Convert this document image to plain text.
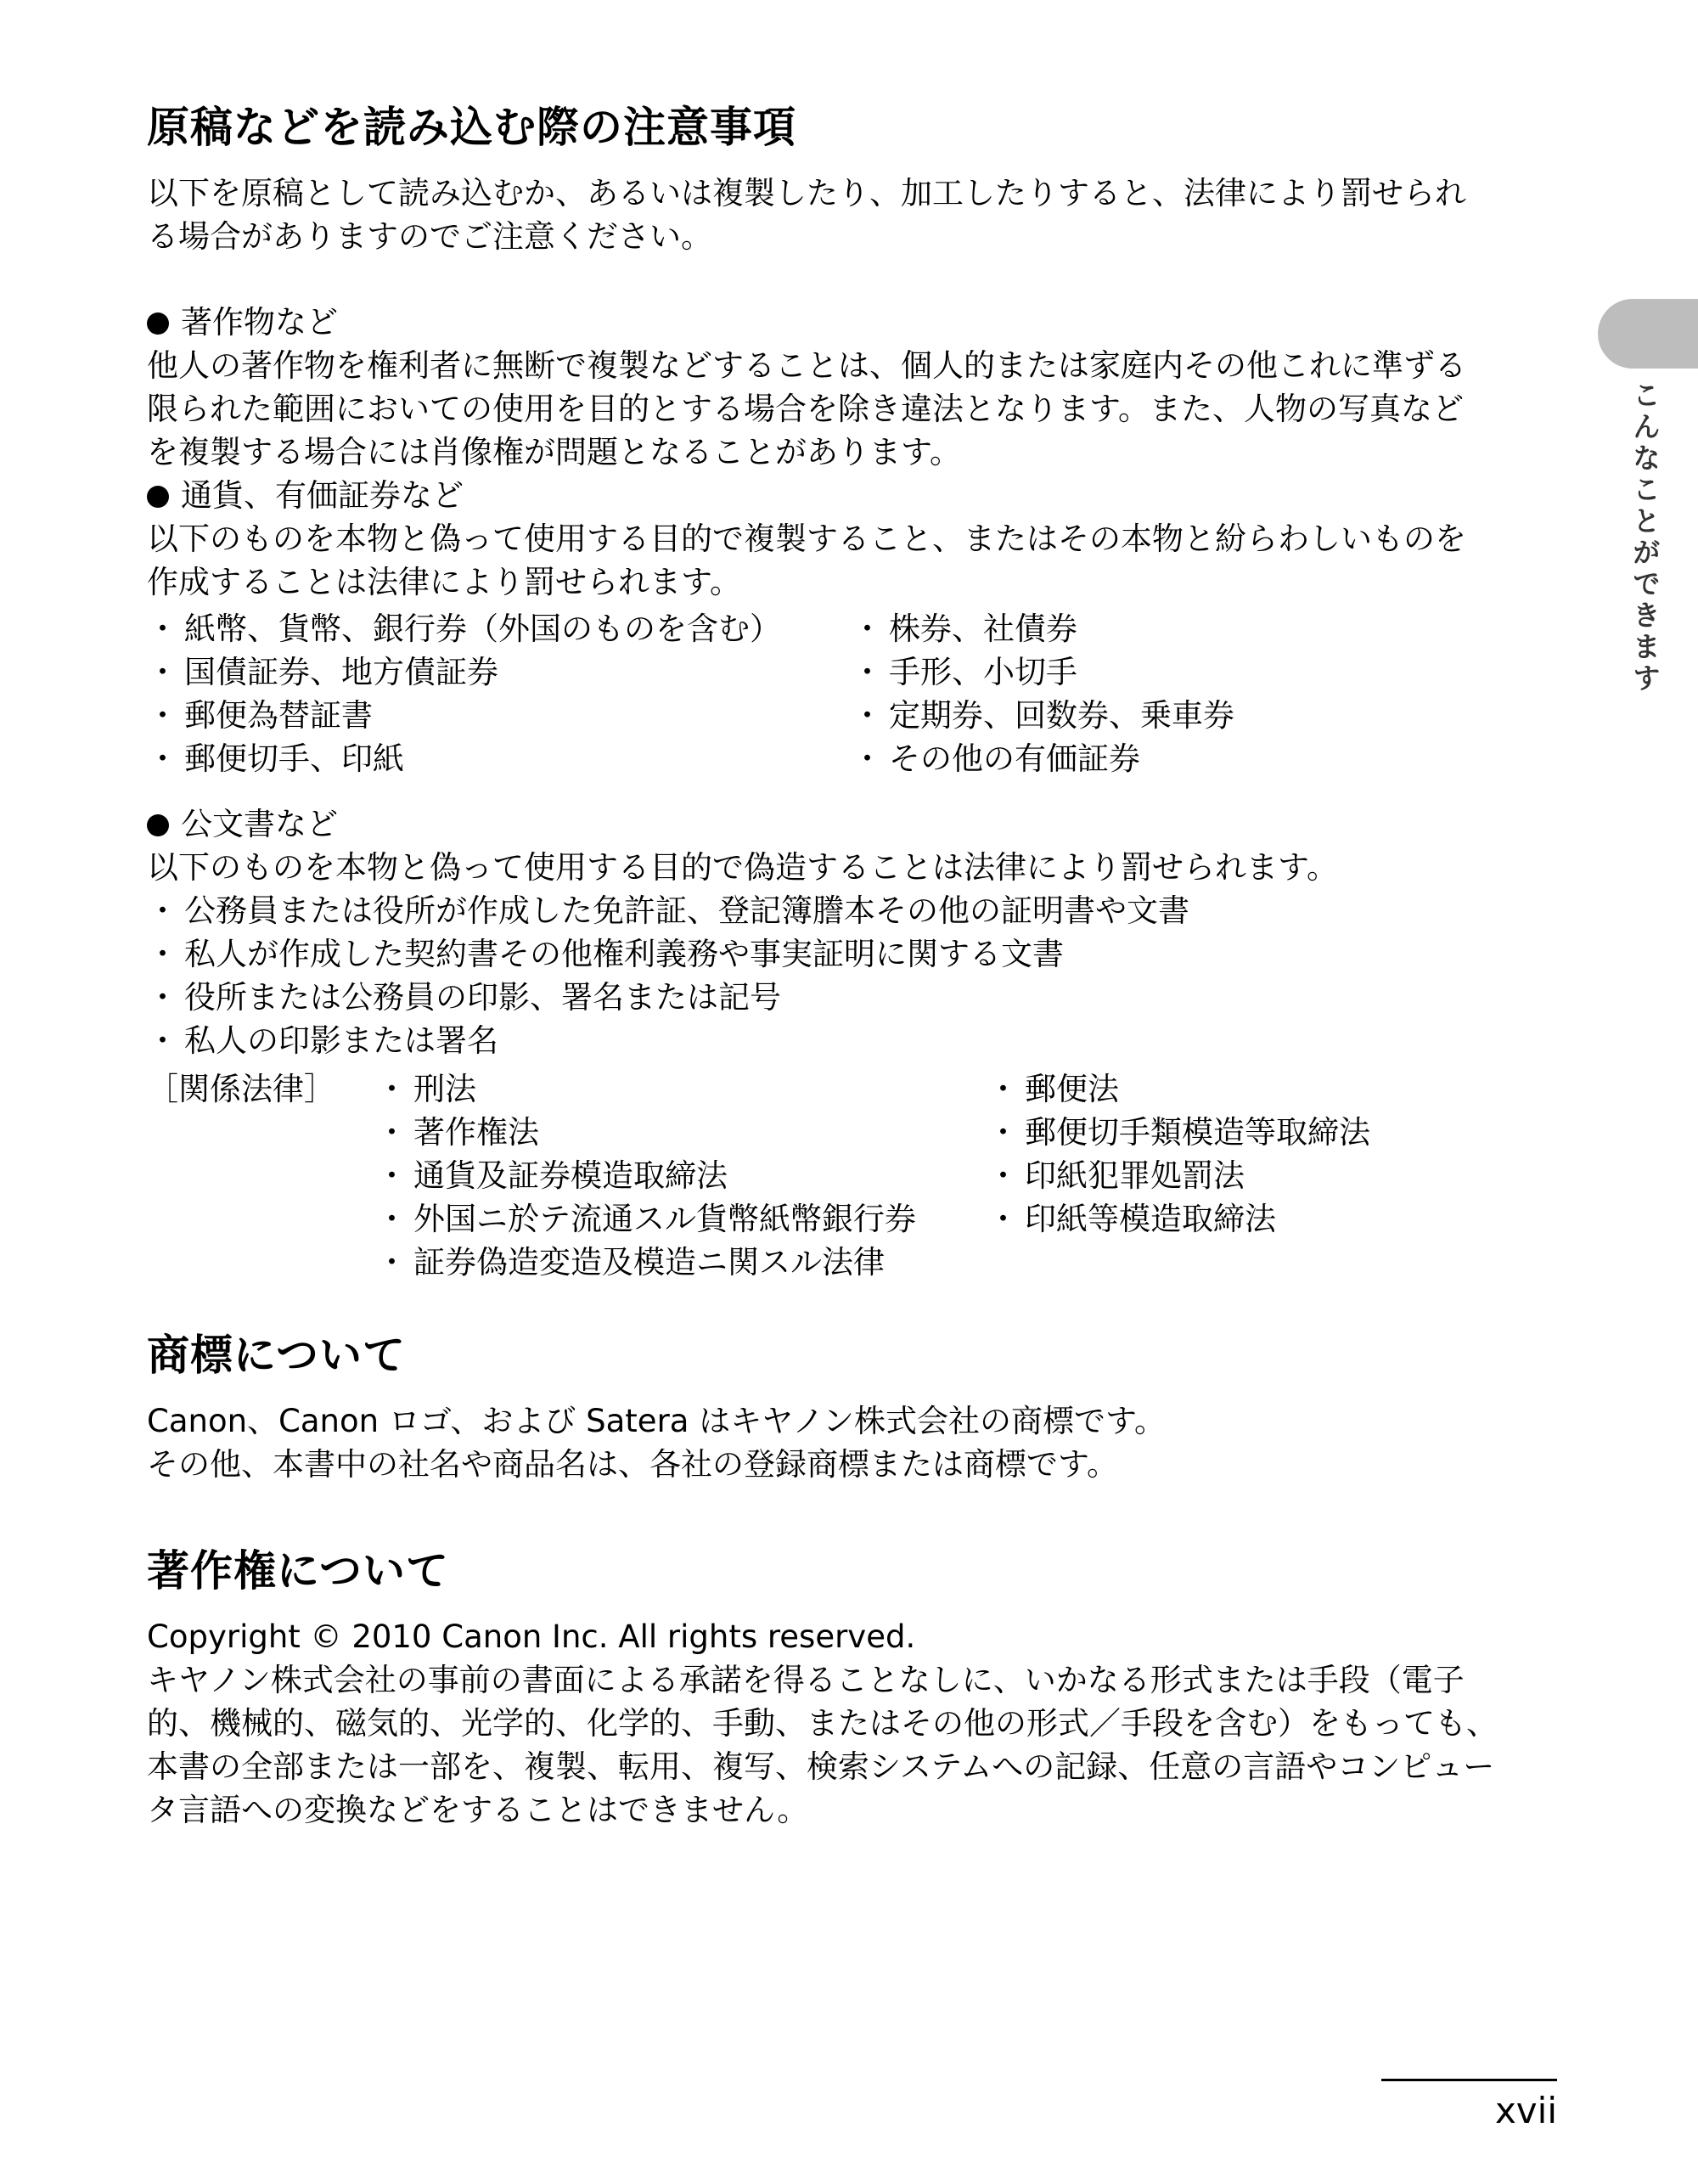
こんなことができます
原稿などを読み込む際の注意事項

以下を原稿として読み込むか、あるいは複製したり、加工したりすると、法律により罰せられ

る場合がありますのでご注意ください。

著作物など

他人の著作物を権利者に無断で複製などすることは、個人的または家庭内その他これに準ずる

限られた範囲においての使用を目的とする場合を除き違法となります。また、人物の写真など

を複製する場合には肖像権が問題となることがあります。

通貨、有価証券など

以下のものを本物と偽って使用する目的で複製すること、またはその本物と紛らわしいものを

作成することは法律により罰せられます。

・ 紙幣、貨幣、銀行券（外国のものを含む）
・ 国債証券、地方債証券
・ 郵便為替証書
・ 郵便切手、印紙
・ 株券、社債券
・ 手形、小切手
・ 定期券、回数券、乗車券
・ その他の有価証券

公文書など

以下のものを本物と偽って使用する目的で偽造することは法律により罰せられます。

・ 公務員または役所が作成した免許証、登記簿謄本その他の証明書や文書
・ 私人が作成した契約書その他権利義務や事実証明に関する文書
・ 役所または公務員の印影、署名または記号
・ 私人の印影または署名
［関係法律］	・ 刑法
・ 著作権法
・ 通貨及証券模造取締法
・ 外国ニ於テ流通スル貨幣紙幣銀行券
・ 証券偽造変造及模造ニ関スル法律
・ 郵便法
・ 郵便切手類模造等取締法
・ 印紙犯罪処罰法
・ 印紙等模造取締法
商標について

Canon、Canon ロゴ、および Satera はキヤノン株式会社の商標です。

その他、本書中の社名や商品名は、各社の登録商標または商標です。

著作権について

Copyright © 2010 Canon Inc. All rights reserved.

キヤノン株式会社の事前の書面による承諾を得ることなしに、いかなる形式または手段（電子

的、機械的、磁気的、光学的、化学的、手動、またはその他の形式／手段を含む）をもっても、

本書の全部または一部を、複製、転用、複写、検索システムへの記録、任意の言語やコンピュー

タ言語への変換などをすることはできません。

xvii
